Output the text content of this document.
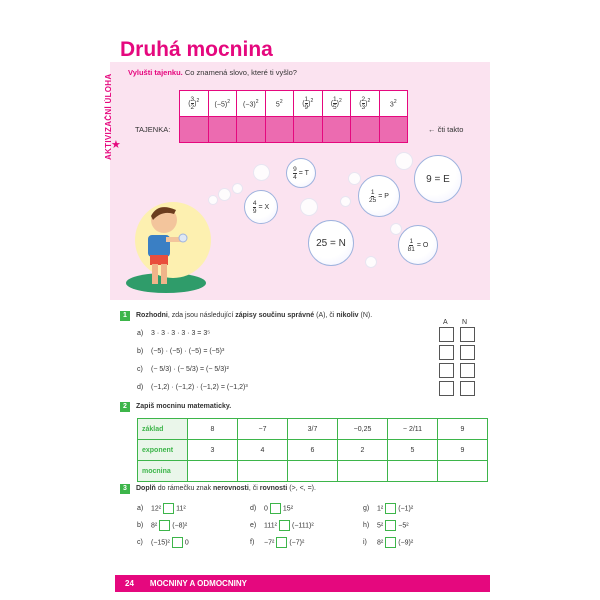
Druhá mocnina
AKTIVIZAČNÍ ÚLOHA
★
Vylušti tajenku. Co znamená slovo, které ti vyšlo?
( $\frac{3}{2} )^2$	$(-5)^2$	$(-3)^2$	$5^2$	( $\frac{1}{9} )^2$	( $\frac{1}{5} )^2$	( $\frac{2}{3} )^2$	$3^2$

TAJENKA:	← čti takto
$\frac{9}{4}$
= T
$\frac{4}{9}$
= X
$\frac{1}{25}$
= P
9 = E
25 = N	$\frac{1}{81}$
= O
1 Rozhodni, zda jsou následující zápisy součinu správné (A), či nikoliv (N).
A N
a) 3 · 3 · 3 · 3 · 3 = 3⁵
b) (−5) · (−5) · (−5) = (−5)³
c) (− 5/3) · (− 5/3) = (− 5/3)²
d) (−1,2) · (−1,2) · (−1,2) = (−1,2)³
2 Zapiš mocninu matematicky.
základ	8	−7	3/7	−0,25	− 2/11	9
exponent	3	4	6	2	5	9
mocnina						
3 Doplň do rámečku znak nerovnosti, či rovnosti (>, <, =).
a) 12² 11²
b) 8² (−8)²
c) (−15)² 0
d) 0 15²
e) 111² (−111)²
f) −7² (−7)²
g) 1² (−1)²
h) 5² −5²
i) 8² (−9)²
24 MOCNINY A ODMOCNINY
